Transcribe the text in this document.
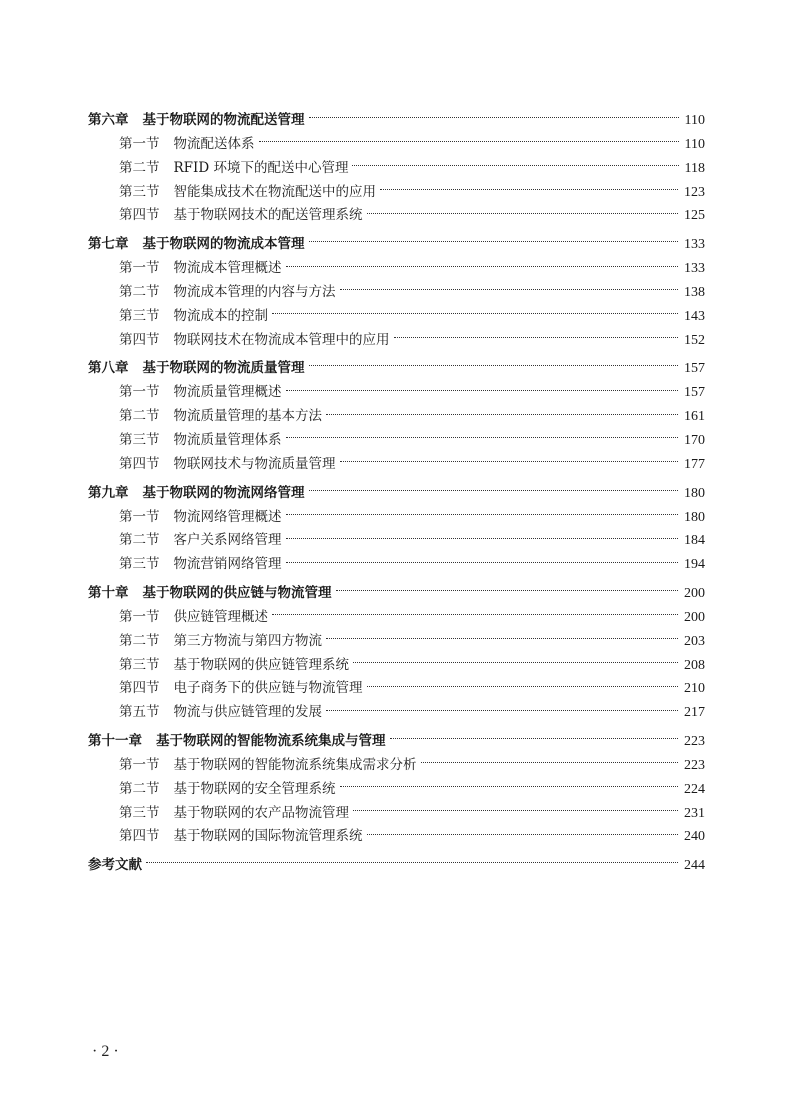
第六章 基于物联网的物流配送管理	110
第一节 物流配送体系	110
第二节 RFID 环境下的配送中心管理	118
第三节 智能集成技术在物流配送中的应用	123
第四节 基于物联网技术的配送管理系统	125
第七章 基于物联网的物流成本管理	133
第一节 物流成本管理概述	133
第二节 物流成本管理的内容与方法	138
第三节 物流成本的控制	143
第四节 物联网技术在物流成本管理中的应用	152
第八章 基于物联网的物流质量管理	157
第一节 物流质量管理概述	157
第二节 物流质量管理的基本方法	161
第三节 物流质量管理体系	170
第四节 物联网技术与物流质量管理	177
第九章 基于物联网的物流网络管理	180
第一节 物流网络管理概述	180
第二节 客户关系网络管理	184
第三节 物流营销网络管理	194
第十章 基于物联网的供应链与物流管理	200
第一节 供应链管理概述	200
第二节 第三方物流与第四方物流	203
第三节 基于物联网的供应链管理系统	208
第四节 电子商务下的供应链与物流管理	210
第五节 物流与供应链管理的发展	217
第十一章 基于物联网的智能物流系统集成与管理	223
第一节 基于物联网的智能物流系统集成需求分析	223
第二节 基于物联网的安全管理系统	224
第三节 基于物联网的农产品物流管理	231
第四节 基于物联网的国际物流管理系统	240
参考文献	244
· 2 ·
